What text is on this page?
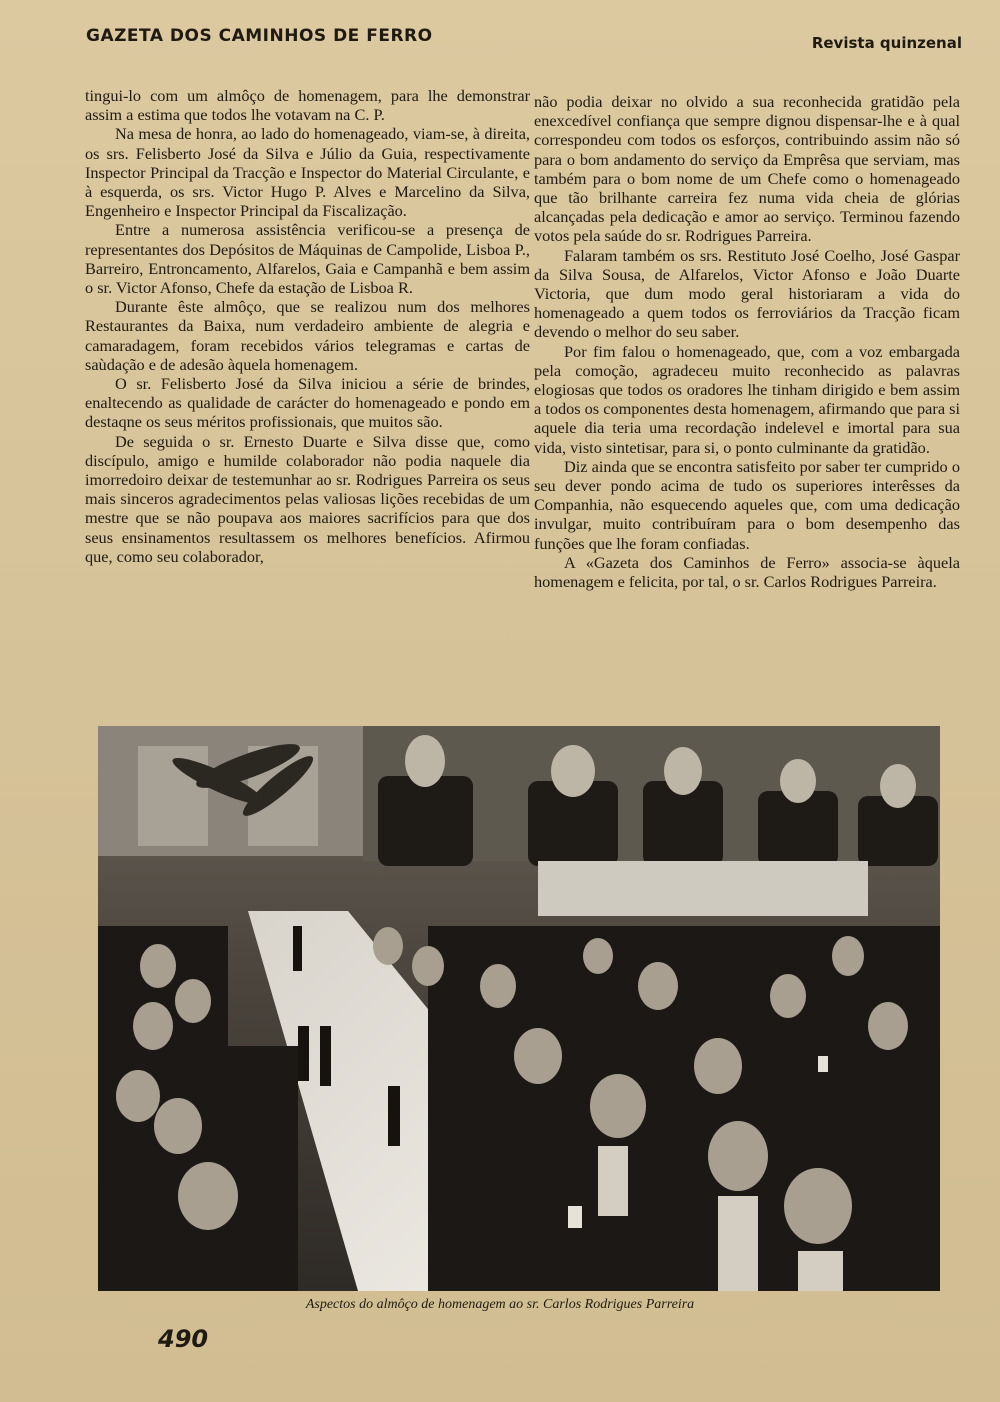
GAZETA DOS CAMINHOS DE FERRO	Revista quinzenal

tingui-lo com um almôço de homenagem, para lhe demonstrar assim a estima que todos lhe votavam na C. P.

Na mesa de honra, ao lado do homenageado, viam-se, à direita, os srs. Felisberto José da Silva e Júlio da Guia, respectivamente Inspector Principal da Tracção e Inspector do Material Circulante, e à esquerda, os srs. Victor Hugo P. Alves e Marcelino da Silva, Engenheiro e Inspector Principal da Fiscalização.

Entre a numerosa assistência verificou-se a presença de representantes dos Depósitos de Máquinas de Campolide, Lisboa P., Barreiro, Entroncamento, Alfarelos, Gaia e Campanhã e bem assim o sr. Victor Afonso, Chefe da estação de Lisboa R.

Durante êste almôço, que se realizou num dos melhores Restaurantes da Baixa, num verdadeiro ambiente de alegria e camaradagem, foram recebidos vários telegramas e cartas de saùdação e de adesão àquela homenagem.

O sr. Felisberto José da Silva iniciou a série de brindes, enaltecendo as qualidade de carácter do homenageado e pondo em destaqne os seus méritos profissionais, que muitos são.

De seguida o sr. Ernesto Duarte e Silva disse que, como discípulo, amigo e humilde colaborador não podia naquele dia imorredoiro deixar de testemunhar ao sr. Rodrigues Parreira os seus mais sinceros agradecimentos pelas valiosas lições recebidas de um mestre que se não poupava aos maiores sacrifícios para que dos seus ensinamentos resultassem os melhores benefícios. Afirmou que, como seu colaborador,

não podia deixar no olvido a sua reconhecida gratidão pela enexcedível confiança que sempre dignou dispensar-lhe e à qual correspondeu com todos os esforços, contribuindo assim não só para o bom andamento do serviço da Emprêsa que serviam, mas também para o bom nome de um Chefe como o homenageado que tão brilhante carreira fez numa vida cheia de glórias alcançadas pela dedicação e amor ao serviço. Terminou fazendo votos pela saúde do sr. Rodrigues Parreira.

Falaram também os srs. Restituto José Coelho, José Gaspar da Silva Sousa, de Alfarelos, Victor Afonso e João Duarte Victoria, que dum modo geral historiaram a vida do homenageado a quem todos os ferroviários da Tracção ficam devendo o melhor do seu saber.

Por fim falou o homenageado, que, com a voz embargada pela comoção, agradeceu muito reconhecido as palavras elogiosas que todos os oradores lhe tinham dirigido e bem assim a todos os componentes desta homenagem, afirmando que para si aquele dia teria uma recordação indelevel e imortal para sua vida, visto sintetisar, para si, o ponto culminante da gratidão.

Diz ainda que se encontra satisfeito por saber ter cumprido o seu dever pondo acima de tudo os superiores interêsses da Companhia, não esquecendo aqueles que, com uma dedicação invulgar, muito contribuíram para o bom desempenho das funções que lhe foram confiadas.

A «Gazeta dos Caminhos de Ferro» associa-se àquela homenagem e felicita, por tal, o sr. Carlos Rodrigues Parreira.

Aspectos do almôço de homenagem ao sr. Carlos Rodrigues Parreira
490
